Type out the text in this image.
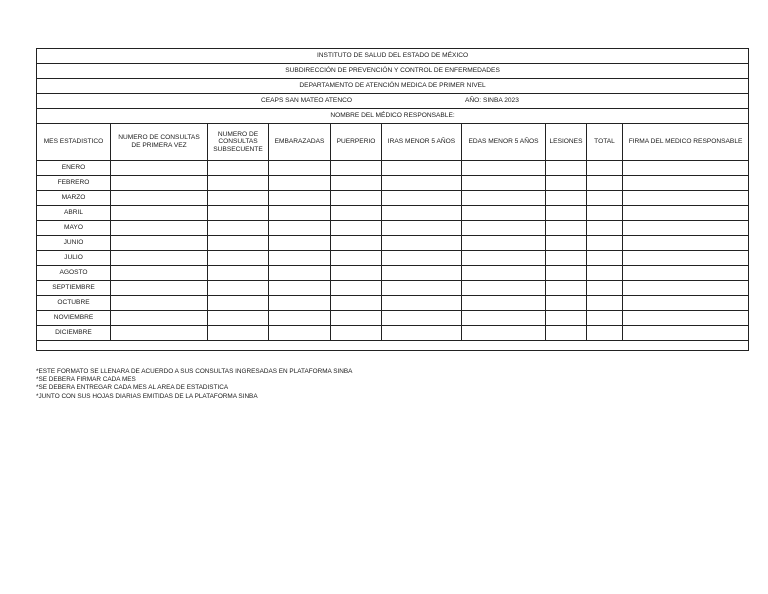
INSTITUTO DE SALUD DEL ESTADO DE MÉXICO									
SUBDIRECCIÓN DE PREVENCIÓN Y CONTROL DE ENFERMEDADES									
DEPARTAMENTO DE ATENCIÓN MEDICA DE PRIMER NIVEL									

CEAPS SAN MATEO ATENCO AÑO: SINBA 2023									

NOMBRE DEL MÉDICO RESPONSABLE:									
MES ESTADISTICO	NUMERO DE CONSULTAS DE PRIMERA VEZ	NUMERO DE CONSULTAS SUBSECUENTE	EMBARAZADAS	PUERPERIO	IRAS MENOR 5 AÑOS	EDAS MENOR 5 AÑOS	LESIONES	TOTAL	FIRMA DEL MEDICO RESPONSABLE
ENERO									
FEBRERO									
MARZO									
ABRIL									
MAYO									
JUNIO									
JULIO									
AGOSTO									
SEPTIEMBRE									
OCTUBRE									
NOVIEMBRE									
DICIEMBRE									

*ESTE FORMATO SE LLENARA DE ACUERDO A SUS CONSULTAS INGRESADAS EN PLATAFORMA SINBA
*SE DEBERA FIRMAR CADA MES
*SE DEBERA ENTREGAR CADA MES AL AREA DE ESTADISTICA
*JUNTO CON SUS HOJAS DIARIAS EMITIDAS DE LA PLATAFORMA SINBA
